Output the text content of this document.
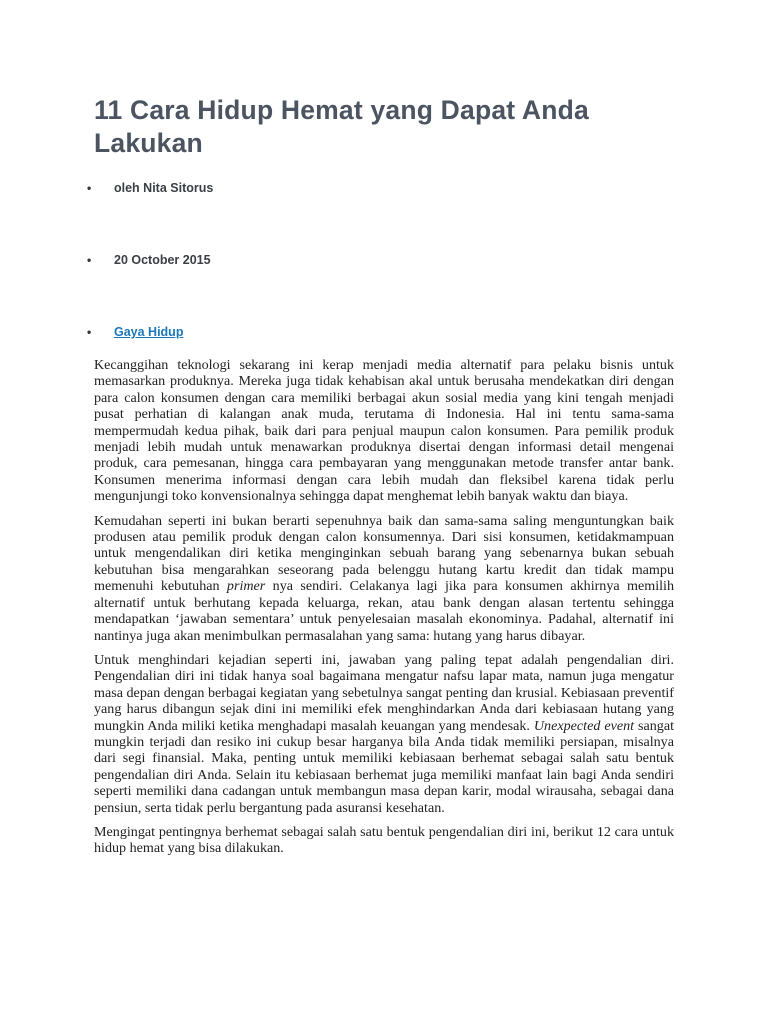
11 Cara Hidup Hemat yang Dapat Anda Lakukan
• oleh Nita Sitorus
• 20 October 2015
• Gaya Hidup

Kecanggihan teknologi sekarang ini kerap menjadi media alternatif para pelaku bisnis untuk memasarkan produknya. Mereka juga tidak kehabisan akal untuk berusaha mendekatkan diri dengan para calon konsumen dengan cara memiliki berbagai akun sosial media yang kini tengah menjadi pusat perhatian di kalangan anak muda, terutama di Indonesia. Hal ini tentu sama-sama mempermudah kedua pihak, baik dari para penjual maupun calon konsumen. Para pemilik produk menjadi lebih mudah untuk menawarkan produknya disertai dengan informasi detail mengenai produk, cara pemesanan, hingga cara pembayaran yang menggunakan metode transfer antar bank. Konsumen menerima informasi dengan cara lebih mudah dan fleksibel karena tidak perlu mengunjungi toko konvensionalnya sehingga dapat menghemat lebih banyak waktu dan biaya.

Kemudahan seperti ini bukan berarti sepenuhnya baik dan sama-sama saling menguntungkan baik produsen atau pemilik produk dengan calon konsumennya. Dari sisi konsumen, ketidakmampuan untuk mengendalikan diri ketika menginginkan sebuah barang yang sebenarnya bukan sebuah kebutuhan bisa mengarahkan seseorang pada belenggu hutang kartu kredit dan tidak mampu memenuhi kebutuhan primer nya sendiri. Celakanya lagi jika para konsumen akhirnya memilih alternatif untuk berhutang kepada keluarga, rekan, atau bank dengan alasan tertentu sehingga mendapatkan ‘jawaban sementara’ untuk penyelesaian masalah ekonominya. Padahal, alternatif ini nantinya juga akan menimbulkan permasalahan yang sama: hutang yang harus dibayar.

Untuk menghindari kejadian seperti ini, jawaban yang paling tepat adalah pengendalian diri. Pengendalian diri ini tidak hanya soal bagaimana mengatur nafsu lapar mata, namun juga mengatur masa depan dengan berbagai kegiatan yang sebetulnya sangat penting dan krusial. Kebiasaan preventif yang harus dibangun sejak dini ini memiliki efek menghindarkan Anda dari kebiasaan hutang yang mungkin Anda miliki ketika menghadapi masalah keuangan yang mendesak. Unexpected event sangat mungkin terjadi dan resiko ini cukup besar harganya bila Anda tidak memiliki persiapan, misalnya dari segi finansial. Maka, penting untuk memiliki kebiasaan berhemat sebagai salah satu bentuk pengendalian diri Anda. Selain itu kebiasaan berhemat juga memiliki manfaat lain bagi Anda sendiri seperti memiliki dana cadangan untuk membangun masa depan karir, modal wirausaha, sebagai dana pensiun, serta tidak perlu bergantung pada asuransi kesehatan.

Mengingat pentingnya berhemat sebagai salah satu bentuk pengendalian diri ini, berikut 12 cara untuk hidup hemat yang bisa dilakukan.
